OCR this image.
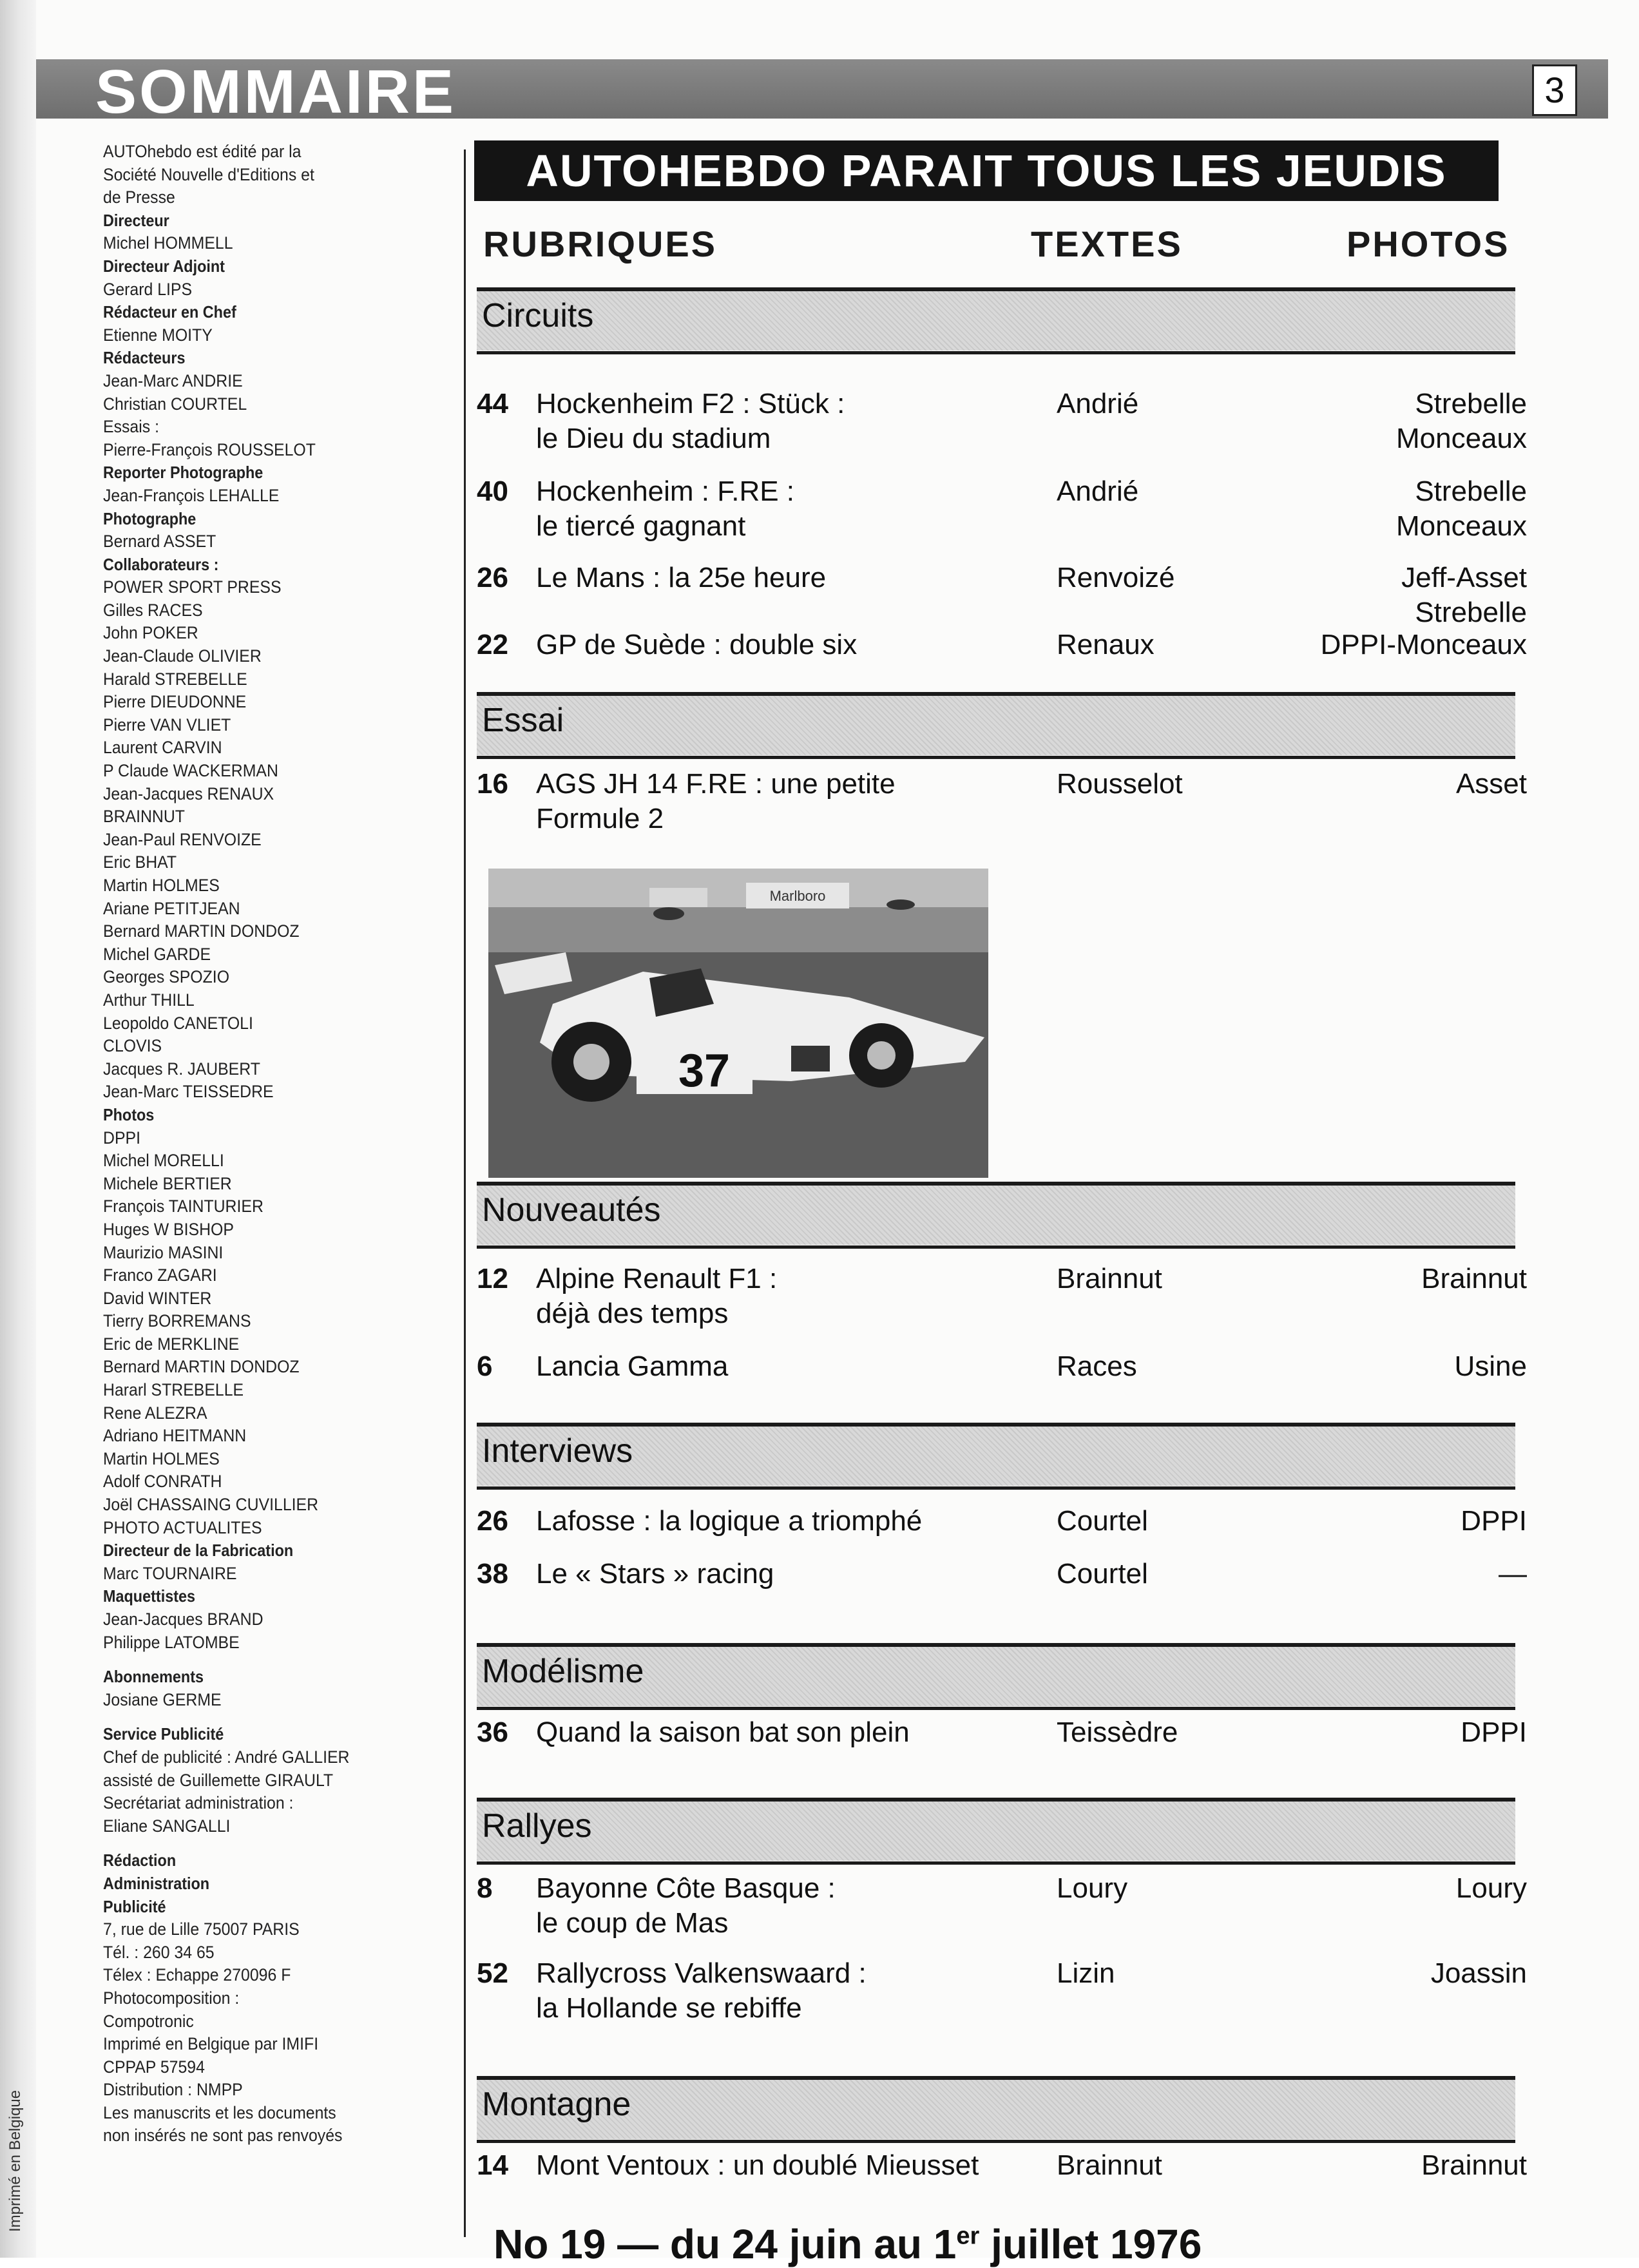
Imprimé en Belgique
SOMMAIRE	3
AUTOhebdo est édité par la
Société Nouvelle d'Editions et
de Presse
Directeur
Michel HOMMELL
Directeur Adjoint
Gerard LIPS
Rédacteur en Chef
Etienne MOITY
Rédacteurs
Jean-Marc ANDRIE
Christian COURTEL
Essais :
Pierre-François ROUSSELOT
Reporter Photographe
Jean-François LEHALLE
Photographe
Bernard ASSET
Collaborateurs :
POWER SPORT PRESS
Gilles RACES
John POKER
Jean-Claude OLIVIER
Harald STREBELLE
Pierre DIEUDONNE
Pierre VAN VLIET
Laurent CARVIN
P Claude WACKERMAN
Jean-Jacques RENAUX
BRAINNUT
Jean-Paul RENVOIZE
Eric BHAT
Martin HOLMES
Ariane PETITJEAN
Bernard MARTIN DONDOZ
Michel GARDE
Georges SPOZIO
Arthur THILL
Leopoldo CANETOLI
CLOVIS
Jacques R. JAUBERT
Jean-Marc TEISSEDRE
Photos
DPPI
Michel MORELLI
Michele BERTIER
François TAINTURIER
Huges W BISHOP
Maurizio MASINI
Franco ZAGARI
David WINTER
Tierry BORREMANS
Eric de MERKLINE
Bernard MARTIN DONDOZ
Hararl STREBELLE
Rene ALEZRA
Adriano HEITMANN
Martin HOLMES
Adolf CONRATH
Joël CHASSAING CUVILLIER
PHOTO ACTUALITES
Directeur de la Fabrication
Marc TOURNAIRE
Maquettistes
Jean-Jacques BRAND
Philippe LATOMBE
Abonnements
Josiane GERME
Service Publicité
Chef de publicité : André GALLIER
assisté de Guillemette GIRAULT
Secrétariat administration :
Eliane SANGALLI
Rédaction
Administration
Publicité
7, rue de Lille 75007 PARIS
Tél. : 260 34 65
Télex : Echappe 270096 F
Photocomposition :
Compotronic
Imprimé en Belgique par IMIFI
CPPAP 57594
Distribution : NMPP
Les manuscrits et les documents
non insérés ne sont pas renvoyés
AUTOHEBDO PARAIT TOUS LES JEUDIS
RUBRIQUES	TEXTES	PHOTOS
Circuits
44 Hockenheim F2 : Stück :
le Dieu du stadium
Andrié	Strebelle
Monceaux
40 Hockenheim : F.RE :
le tiercé gagnant
Andrié	Strebelle
Monceaux
26 Le Mans : la 25e heure	Renvoizé	Jeff-Asset
Strebelle
22 GP de Suède : double six	Renaux	DPPI-Monceaux
Essai
16 AGS JH 14 F.RE : une petite
Formule 2
Rousselot	Asset
Nouveautés
12 Alpine Renault F1 :
déjà des temps
Brainnut	Brainnut
6 Lancia Gamma	Races	Usine
Interviews
26 Lafosse : la logique a triomphé	Courtel	DPPI
38 Le « Stars » racing	Courtel	—
Modélisme
36 Quand la saison bat son plein	Teissèdre	DPPI
Rallyes
8 Bayonne Côte Basque :
le coup de Mas
Loury	Loury
52 Rallycross Valkenswaard :
la Hollande se rebiffe
Lizin	Joassin
Montagne
14 Mont Ventoux : un doublé Mieusset	Brainnut	Brainnut
Marlboro
37
No 19 — du 24 juin au 1er juillet 1976
